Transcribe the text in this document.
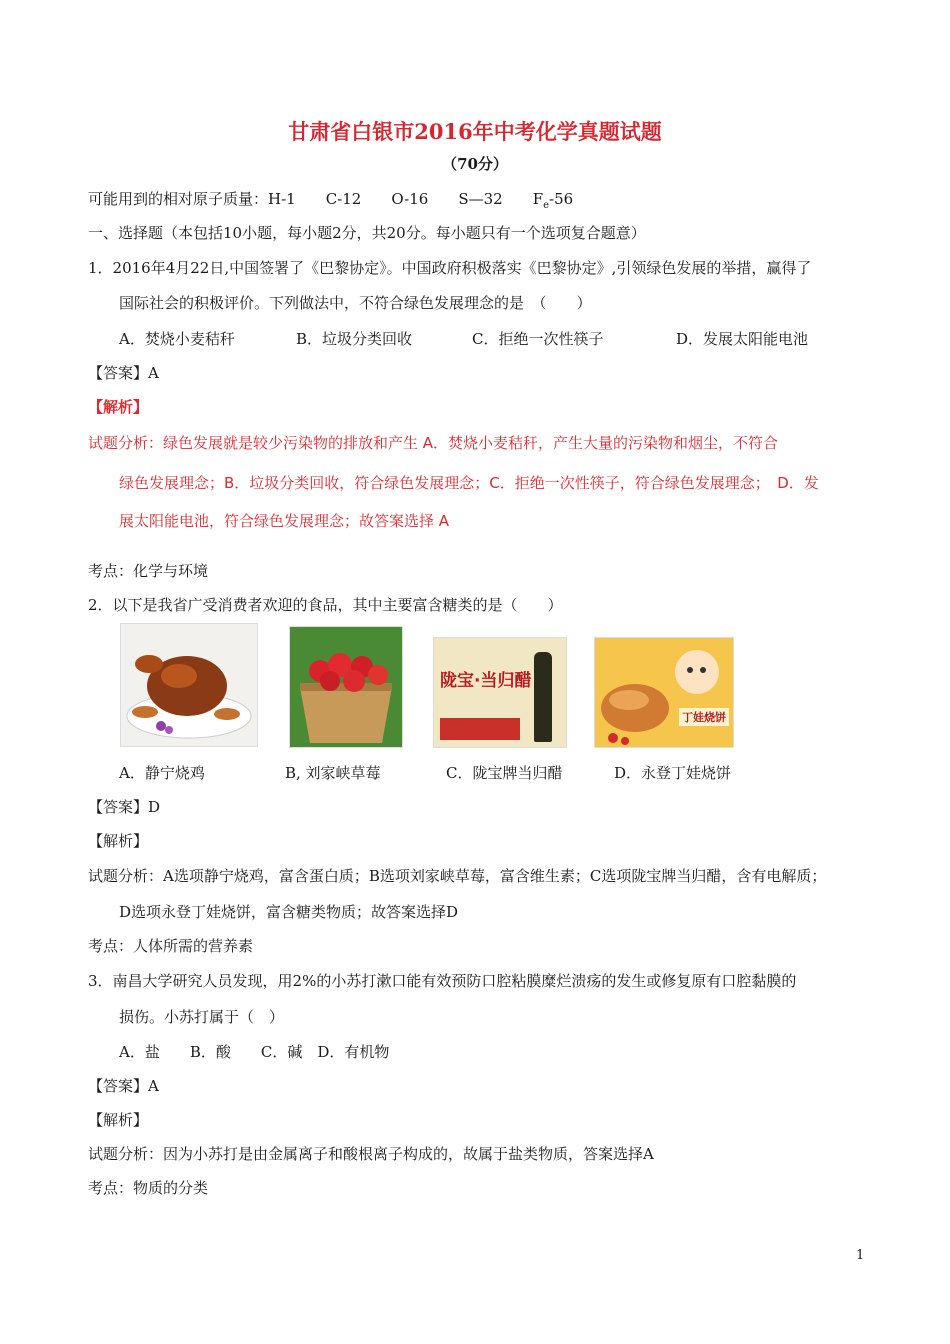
甘肃省白银市2016年中考化学真题试题
（70分）
可能用到的相对原子质量：H-1　　C-12　　O-16　　S—32　　$F_e-56$
一、选择题（本包括10小题，每小题2分，共20分。每小题只有一个选项复合题意）
1．2016年4月22日,中国签署了《巴黎协定》。中国政府积极落实《巴黎协定》,引领绿色发展的举措，赢得了
国际社会的积极评价。下列做法中，不符合绿色发展理念的是　（　　）
A．焚烧小麦秸秆	B．垃圾分类回收	C．拒绝一次性筷子	D．发展太阳能电池
【答案】A
【解析】
试题分析：绿色发展就是较少污染物的排放和产生 A．焚烧小麦秸秆，产生大量的污染物和烟尘，不符合
绿色发展理念；B．垃圾分类回收，符合绿色发展理念；C．拒绝一次性筷子，符合绿色发展理念；　D．发
展太阳能电池，符合绿色发展理念；故答案选择 A
考点：化学与环境
2．以下是我省广受消费者欢迎的食品，其中主要富含糖类的是（　　）
陇宝·当归醋
丁娃烧饼
A．静宁烧鸡	B, 刘家峡草莓	C．陇宝牌当归醋	D．永登丁娃烧饼
【答案】D
【解析】
试题分析：A选项静宁烧鸡，富含蛋白质；B选项刘家峡草莓，富含维生素；C选项陇宝牌当归醋，含有电解质；
D选项永登丁娃烧饼，富含糖类物质；故答案选择D
考点：人体所需的营养素
3．南昌大学研究人员发现，用2%的小苏打漱口能有效预防口腔粘膜糜烂溃疡的发生或修复原有口腔黏膜的
损伤。小苏打属于（　）
A．盐　　B．酸　　C．碱　D．有机物
【答案】A
【解析】
试题分析：因为小苏打是由金属离子和酸根离子构成的，故属于盐类物质，答案选择A
考点：物质的分类
1
